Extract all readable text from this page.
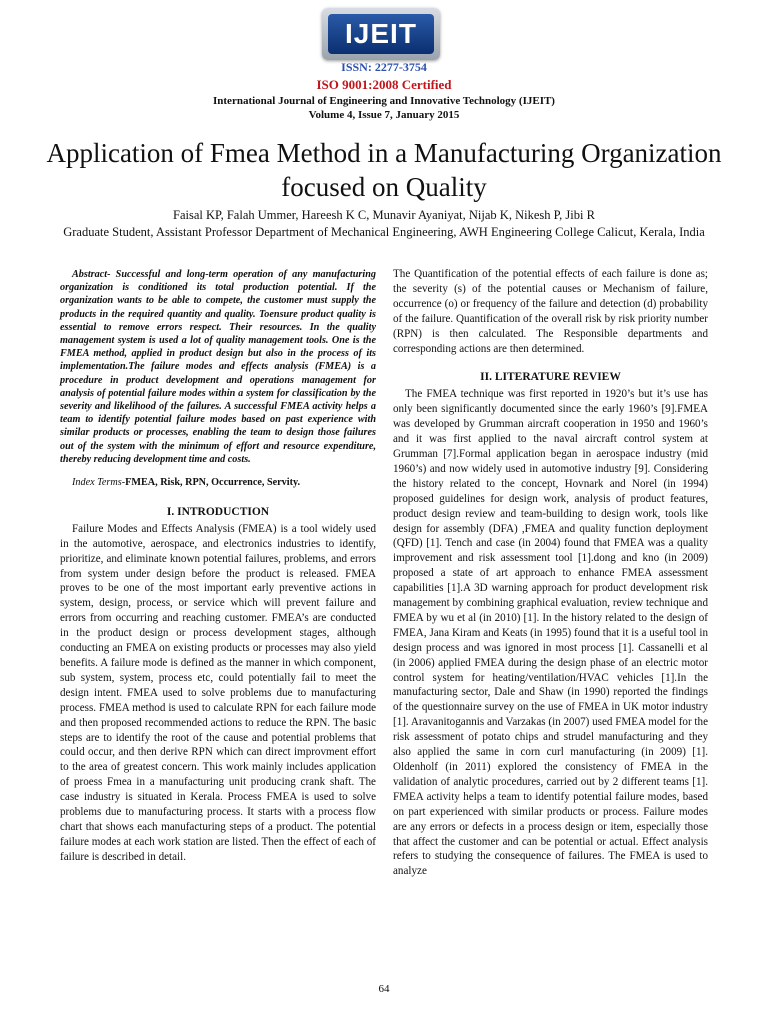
IJEIT
ISSN: 2277-3754
ISO 9001:2008 Certified
International Journal of Engineering and Innovative Technology (IJEIT)
Volume 4, Issue 7, January 2015
Application of Fmea Method in a Manufacturing Organization focused on Quality
Faisal KP, Falah Ummer, Hareesh K C, Munavir Ayaniyat, Nijab K, Nikesh P, Jibi R
Graduate Student, Assistant Professor Department of Mechanical Engineering, AWH Engineering College Calicut, Kerala, India

Abstract- Successful and long-term operation of any manufacturing organization is conditioned its total production potential. If the organization wants to be able to compete, the customer must supply the products in the required quantity and quality. Toensure product quality is essential to remove errors respect. Their resources. In the quality management system is used a lot of quality management tools. One is the FMEA method, applied in product design but also in the process of its implementation.The failure modes and effects analysis (FMEA) is a procedure in product development and operations management for analysis of potential failure modes within a system for classification by the severity and likelihood of the failures. A successful FMEA activity helps a team to identify potential failure modes based on past experience with similar products or processes, enabling the team to design those failures out of the system with the minimum of effort and resource expenditure, thereby reducing development time and costs.

Index Terms-FMEA, Risk, RPN, Occurrence, Servity.

I. INTRODUCTION

Failure Modes and Effects Analysis (FMEA) is a tool widely used in the automotive, aerospace, and electronics industries to identify, prioritize, and eliminate known potential failures, problems, and errors from system under design before the product is released. FMEA proves to be one of the most important early preventive actions in system, design, process, or service which will prevent failure and errors from occurring and reaching customer. FMEA’s are conducted in the product design or process development stages, although conducting an FMEA on existing products or processes may also yield benefits. A failure mode is defined as the manner in which component, sub system, system, process etc, could potentially fail to meet the design intent. FMEA used to solve problems due to manufacturing process. FMEA method is used to calculate RPN for each failure mode and then proposed recommended actions to reduce the RPN. The basic steps are to identify the root of the cause and potential problems that could occur, and then derive RPN which can direct improvment effort to the area of greatest concern. This work mainly includes application of proess Fmea in a manufacturing unit producing crank shaft. The case industry is situated in Kerala. Process FMEA is used to solve problems due to manufacturing process. It starts with a process flow chart that shows each manufacturing steps of a product. The potential failure modes at each work station are listed. Then the effect of each of failure is described in detail.

The Quantification of the potential effects of each failure is done as; the severity (s) of the potential causes or Mechanism of failure, occurrence (o) or frequency of the failure and detection (d) probability of the failure. Quantification of the overall risk by risk priority number (RPN) is then calculated. The Responsible departments and corresponding actions are then determined.

II. LITERATURE REVIEW

The FMEA technique was first reported in 1920’s but it’s use has only been significantly documented since the early 1960’s [9].FMEA was developed by Grumman aircraft cooperation in 1950 and 1960’s and it was first applied to the naval aircraft control system at Grumman [7].Formal application began in aerospace industry (mid 1960’s) and now widely used in automotive industry [9]. Considering the history related to the concept, Hovnark and Norel (in 1994) proposed guidelines for design work, analysis of product features, product design review and team-building to design work, tools like design for assembly (DFA) ,FMEA and quality function deployment (QFD) [1]. Tench and case (in 2004) found that FMEA was a quality improvement and risk assessment tool [1].dong and kno (in 2009) proposed a state of art approach to enhance FMEA assessment capabilities [1].A 3D warning approach for product development risk management by combining graphical evaluation, review technique and FMEA by wu et al (in 2010) [1]. In the history related to the design of FMEA, Jana Kiram and Keats (in 1995) found that it is a useful tool in design process and was ignored in most process [1]. Cassanelli et al (in 2006) applied FMEA during the design phase of an electric motor control system for heating/ventilation/HVAC vehicles [1].In the manufacturing sector, Dale and Shaw (in 1990) reported the findings of the questionnaire survey on the use of FMEA in UK motor industry [1]. Aravanitogannis and Varzakas (in 2007) used FMEA model for the risk assessment of potato chips and strudel manufacturing and they also applied the same in corn curl manufacturing (in 2009) [1]. Oldenholf (in 2011) explored the consistency of FMEA in the validation of analytic procedures, carried out by 2 different teams [1]. FMEA activity helps a team to identify potential failure modes, based on part experienced with similar products or process. Failure modes are any errors or defects in a process design or item, especially those that affect the customer and can be potential or actual. Effect analysis refers to studying the consequence of failures. The FMEA is used to analyze

64
